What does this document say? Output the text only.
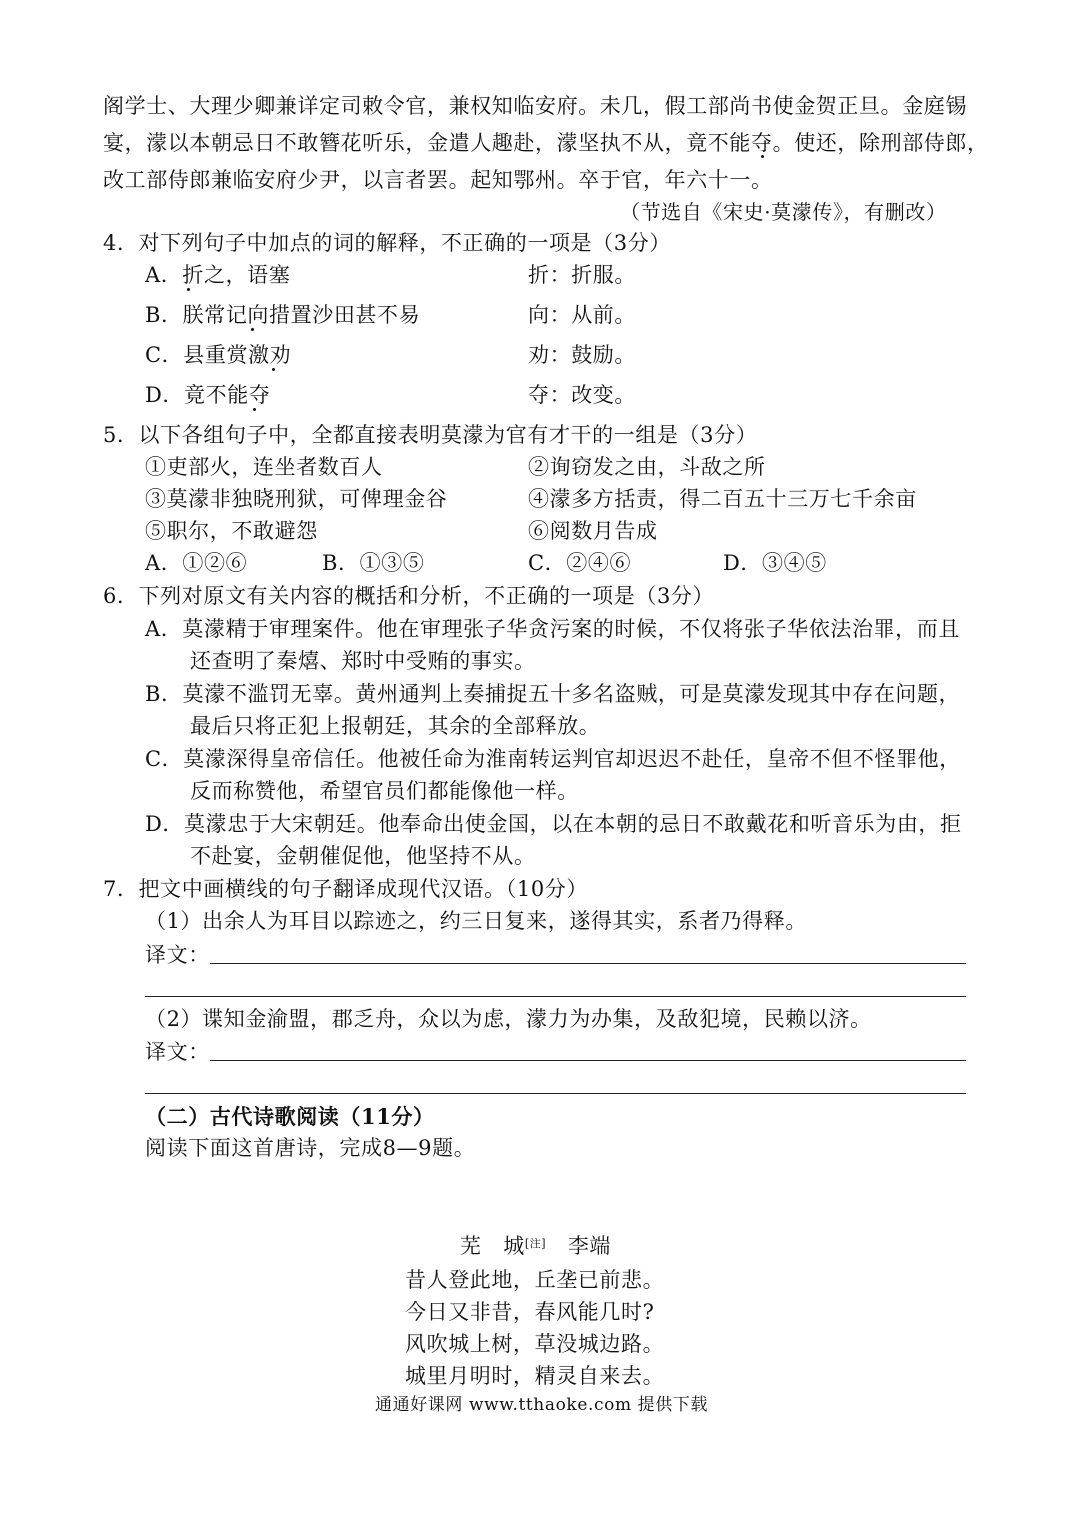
阁学士、大理少卿兼详定司敕令官，兼权知临安府。未几，假工部尚书使金贺正旦。金庭锡
宴，濛以本朝忌日不敢簪花听乐，金遣人趣赴，濛坚执不从，竟不能夺。使还，除刑部侍郎，
改工部侍郎兼临安府少尹，以言者罢。起知鄂州。卒于官，年六十一。
（节选自《宋史·莫濛传》，有删改）
4．对下列句子中加点的词的解释，不正确的一项是（3分）
A．折之，语塞	折：折服。
B．朕常记向措置沙田甚不易	向：从前。
C．县重赏激劝	劝：鼓励。
D．竟不能夺	夺：改变。
5．以下各组句子中，全都直接表明莫濛为官有才干的一组是（3分）
①吏部火，连坐者数百人	②询窃发之由，斗敌之所
③莫濛非独晓刑狱，可俾理金谷	④濛多方括责，得二百五十三万七千余亩
⑤职尔，不敢避怨	⑥阅数月告成
A．①②⑥	B．①③⑤	C．②④⑥	D．③④⑤
6．下列对原文有关内容的概括和分析，不正确的一项是（3分）
A．莫濛精于审理案件。他在审理张子华贪污案的时候，不仅将张子华依法治罪，而且
还查明了秦熺、郑时中受贿的事实。
B．莫濛不滥罚无辜。黄州通判上奏捕捉五十多名盗贼，可是莫濛发现其中存在问题，
最后只将正犯上报朝廷，其余的全部释放。
C．莫濛深得皇帝信任。他被任命为淮南转运判官却迟迟不赴任，皇帝不但不怪罪他，
反而称赞他，希望官员们都能像他一样。
D．莫濛忠于大宋朝廷。他奉命出使金国，以在本朝的忌日不敢戴花和听音乐为由，拒
不赴宴，金朝催促他，他坚持不从。
7．把文中画横线的句子翻译成现代汉语。（10分）
（1）出余人为耳目以踪迹之，约三日复来，遂得其实，系者乃得释。
译文：
（2）谍知金渝盟，郡乏舟，众以为虑，濛力为办集，及敌犯境，民赖以济。
译文：
（二）古代诗歌阅读（11分）
阅读下面这首唐诗，完成8—9题。
芜　城[注]　 李端
昔人登此地，丘垄已前悲。
今日又非昔，春风能几时?
风吹城上树，草没城边路。
城里月明时，精灵自来去。
通通好课网 www.tthaoke.com 提供下载
